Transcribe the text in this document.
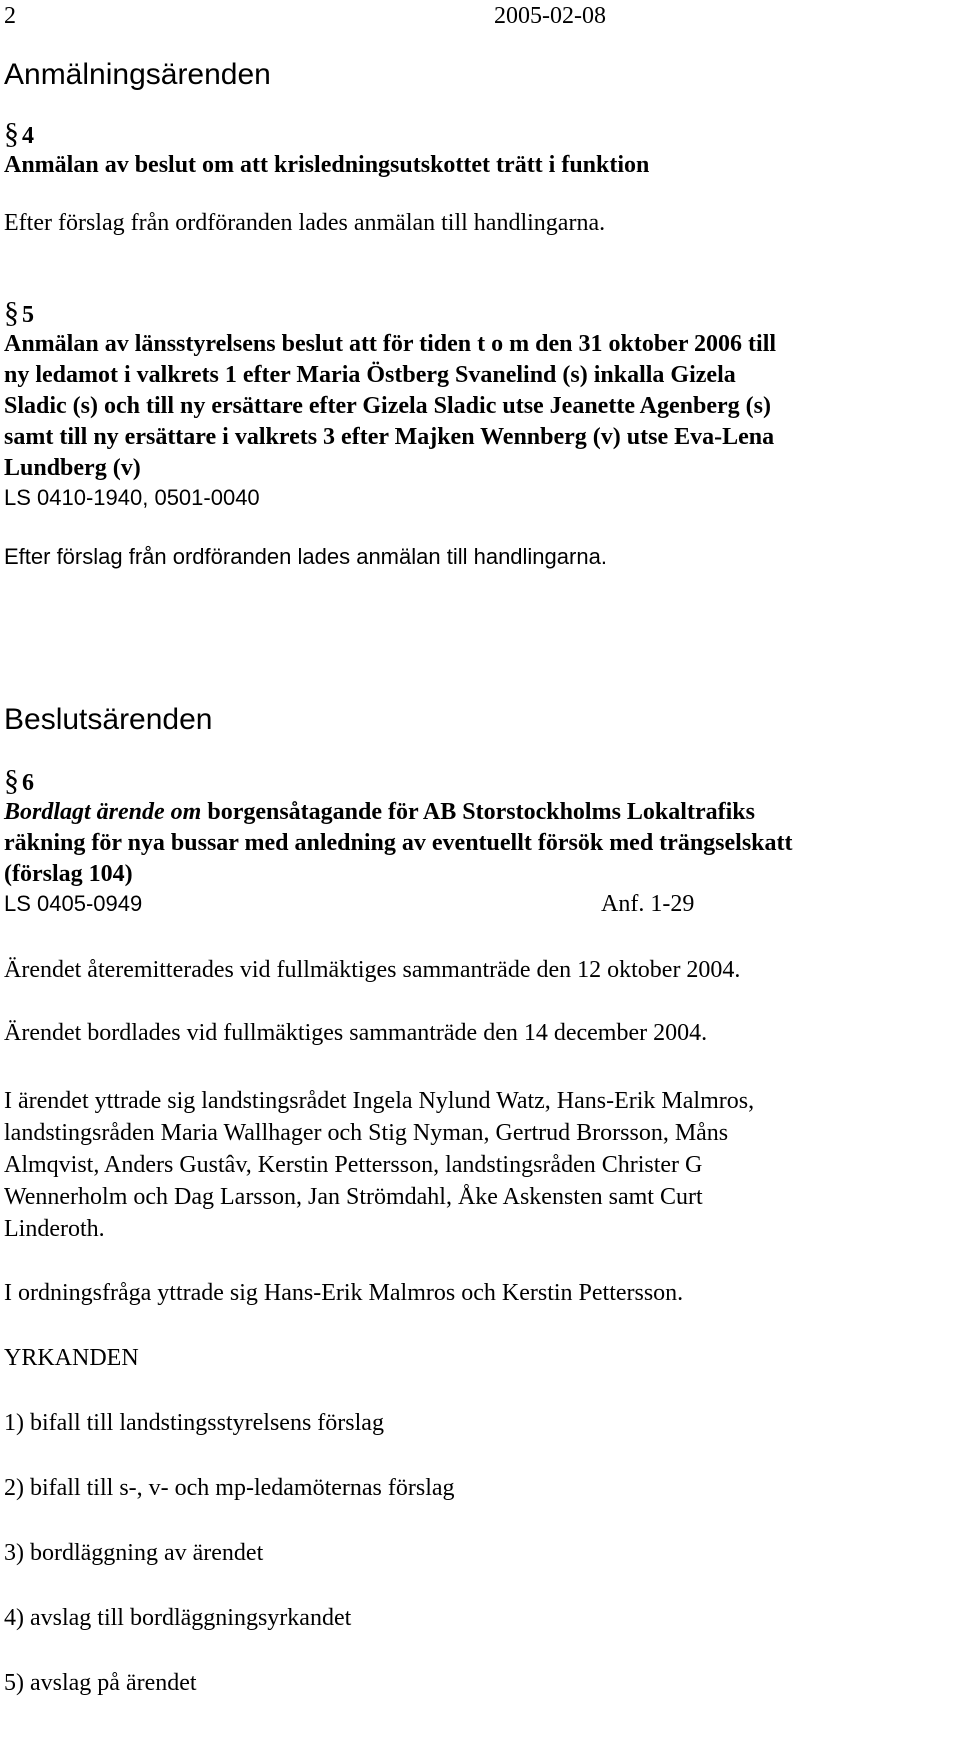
2	2005-02-08
Anmälningsärenden
§ 4
Anmälan av beslut om att krisledningsutskottet trätt i funktion
Efter förslag från ordföranden lades anmälan till handlingarna.
§ 5
Anmälan av länsstyrelsens beslut att för tiden t o m den 31 oktober 2006 till
ny ledamot i valkrets 1 efter Maria Östberg Svanelind (s) inkalla Gizela
Sladic (s) och till ny ersättare efter Gizela Sladic utse Jeanette Agenberg (s)
samt till ny ersättare i valkrets 3 efter Majken Wennberg (v) utse Eva-Lena
Lundberg (v)
LS 0410-1940, 0501-0040
Efter förslag från ordföranden lades anmälan till handlingarna.
Beslutsärenden
§ 6
Bordlagt ärende om borgensåtagande för AB Storstockholms Lokaltrafiks
räkning för nya bussar med anledning av eventuellt försök med trängselskatt
(förslag 104)
LS 0405-0949	Anf. 1-29
Ärendet återemitterades vid fullmäktiges sammanträde den 12 oktober 2004.
Ärendet bordlades vid fullmäktiges sammanträde den 14 december 2004.
I ärendet yttrade sig landstingsrådet Ingela Nylund Watz, Hans-Erik Malmros,
landstingsråden Maria Wallhager och Stig Nyman, Gertrud Brorsson, Måns
Almqvist, Anders Gustâv, Kerstin Pettersson, landstingsråden Christer G
Wennerholm och Dag Larsson, Jan Strömdahl, Åke Askensten samt Curt
Linderoth.
I ordningsfråga yttrade sig Hans-Erik Malmros och Kerstin Pettersson.
YRKANDEN
1) bifall till landstingsstyrelsens förslag
2) bifall till s-, v- och mp-ledamöternas förslag
3) bordläggning av ärendet
4) avslag till bordläggningsyrkandet
5) avslag på ärendet
